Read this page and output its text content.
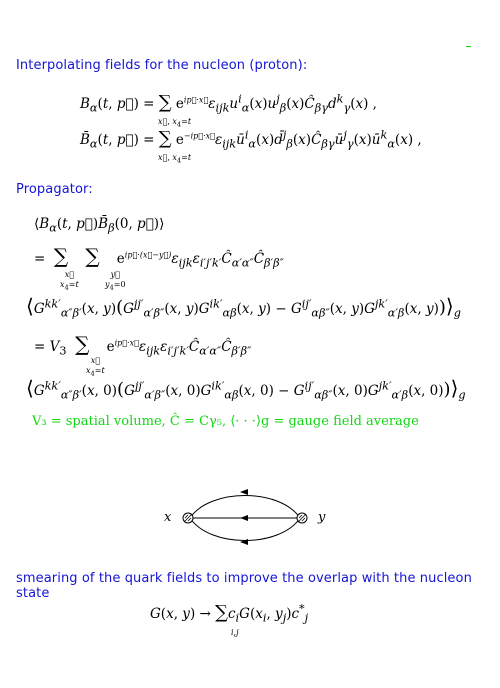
Interpolating fields for the nucleon (proton):
$B_\alpha(t$, p⃗) = ∑ $e^{ip⃗\cdot x⃗}\varepsilon_{ijk}u^i_\alpha(x)u^j_\beta(x)Ĉ_{\beta\gamma}d^k_\gamma(x)$ ,
x⃗, $x_4=t$
$B̄_\alpha(t$, p⃗) = ∑ $e^{-ip⃗\cdot x⃗}\varepsilon_{ijk}ū^i_\alpha(x)d̄^j_\beta(x)Ĉ_{\beta\gamma}ū^j_\gamma(x)ū^k_\alpha(x)$ ,
x⃗, $x_4=t$
Propagator:
$⟨B_\alpha(t$, $p⃗)B̄_\beta(0$, p⃗)⟩
=  ∑ ∑    $e^{ip⃗\cdot(x⃗-y⃗)}\varepsilon_{ijk}\varepsilon_{i'j'k'}Ĉ_{\alpha'\alpha''}Ĉ_{\beta'\beta''}$
x⃗
$x_4=t$
y⃗
$y_4=0$
$⟨G^{kk'}_{\alpha''\beta'}(x$, $y)(G^{jj'}_{\alpha'\beta''}(x$, $y)G^{ik'}_{\alpha\beta}(x$, $y) - G^{ij'}_{\alpha\beta''}(x$, $y)G^{jk'}_{\alpha'\beta}(x$, $y))⟩_g$
= $V_3$ ∑    $e^{ip⃗\cdot x⃗}\varepsilon_{ijk}\varepsilon_{i'j'k'}Ĉ_{\alpha'\alpha''}Ĉ_{\beta'\beta''}$
x⃗
$x_4=t$
$⟨G^{kk'}_{\alpha''\beta'}(x$, $0)(G^{jj'}_{\alpha'\beta''}(x$, $0)G^{ik'}_{\alpha\beta}(x$, $0) - G^{ij'}_{\alpha\beta''}(x$, $0)G^{jk'}_{\alpha'\beta}(x$, $0))⟩_g$
V₃ = spatial volume, Ĉ = Cγ₅, ⟨· · ·⟩g = gauge field average
x	y
smearing of the quark fields to improve the overlap with the nucleon state
G(x, $y) \to \sum c_iG(x_i$, $y_j)c^*_j$
i,j
